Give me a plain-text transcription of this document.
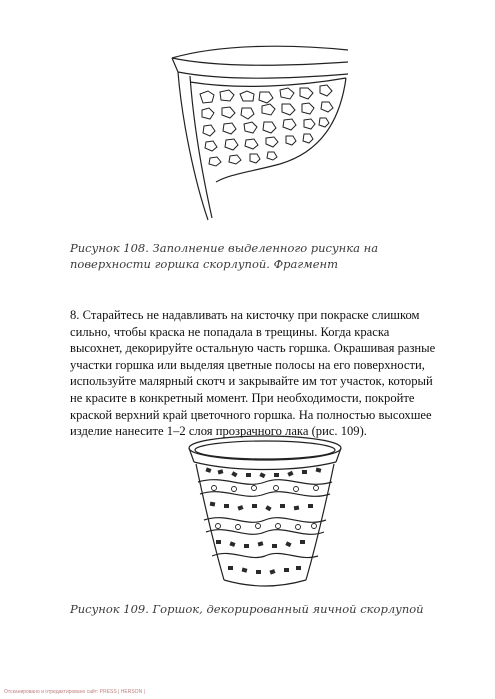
Рисунок 108. Заполнение выделенного рисунка на поверхности горшка скорлупой. Фрагмент
8. Старайтесь не надавливать на кисточку при покраске слишком сильно, чтобы краска не попадала в трещины. Когда краска высохнет, декорируйте остальную часть горшка. Окрашивая разные участки горшка или выделяя цветные полосы на его поверхности, используйте малярный скотч и закрывайте им тот участок, который не красите в конкретный момент. При необходимости, покройте краской верхний край цветочного горшка. На полностью высохшее изделие нанесите 1–2 слоя прозрачного лака (рис. 109).
Рисунок 109. Горшок, декорированный яичной скорлупой
Отсканировано и отредактировано сайт: PRESS | HERSON |
